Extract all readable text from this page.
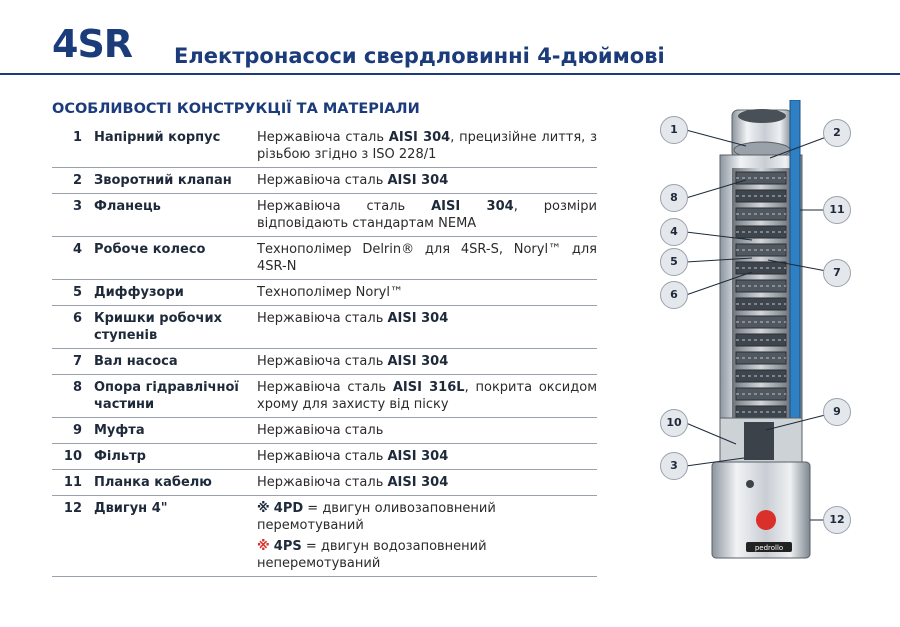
4SR Електронасоси свердловинні 4-дюймові
ОСОБЛИВОСТІ КОНСТРУКЦІЇ ТА МАТЕРІАЛИ
1	Напірний корпус	Нержавіюча сталь AISI 304, прецизійне лиття, з різьбою згідно з ISO 228/1
2	Зворотний клапан	Нержавіюча сталь AISI 304
3	Фланець	Нержавіюча сталь AISI 304, розміри відповідають стандартам NEMA
4	Робоче колесо	Технополімер Delrin® для 4SR-S, Noryl™ для 4SR-N
5	Диффузори	Технополімер Noryl™
6	Кришки робочих ступенів	Нержавіюча сталь AISI 304
7	Вал насоса	Нержавіюча сталь AISI 304
8	Опора гідравлічної частини	Нержавіюча сталь AISI 316L, покрита оксидом хрому для захисту від піску
9	Муфта	Нержавіюча сталь
10	Фільтр	Нержавіюча сталь AISI 304
11	Планка кабелю	Нержавіюча сталь AISI 304
12	Двигун 4"	※ 4PD = двигун оливозаповнений перемотуваний
※ 4PS = двигун водозаповнений неперемотуваний
pedrollo
1	2
8
11
4
5
7
6
10
9
3
12
